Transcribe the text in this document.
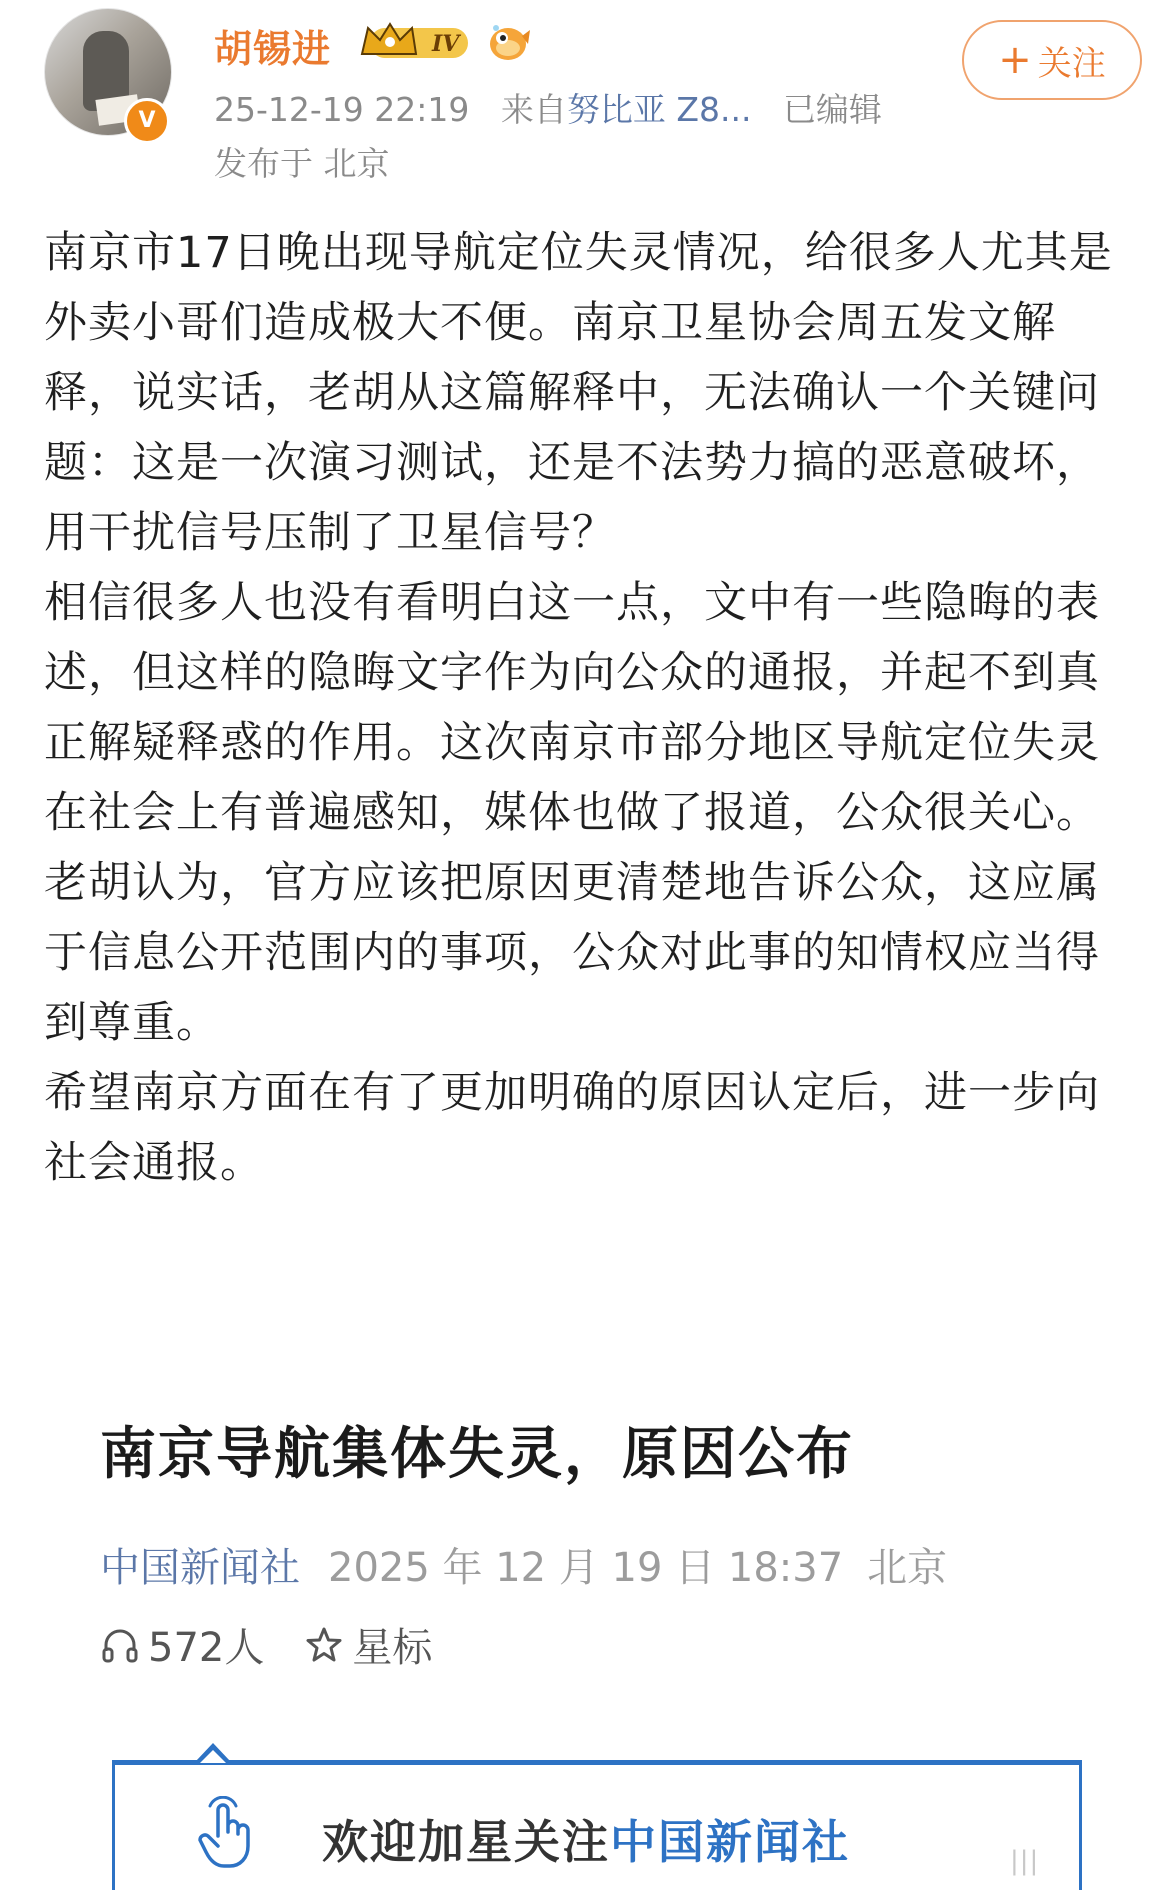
V
胡锡进	IV
25-12-19 22:19 来自努比亚 Z8... 已编辑
发布于 北京
+ 关注

南京市17日晚出现导航定位失灵情况，给很多人尤其是外卖小哥们造成极大不便。南京卫星协会周五发文解释，说实话，老胡从这篇解释中，无法确认一个关键问题：这是一次演习测试，还是不法势力搞的恶意破坏，用干扰信号压制了卫星信号？

相信很多人也没有看明白这一点，文中有一些隐晦的表述，但这样的隐晦文字作为向公众的通报，并起不到真正解疑释惑的作用。这次南京市部分地区导航定位失灵在社会上有普遍感知，媒体也做了报道，公众很关心。老胡认为，官方应该把原因更清楚地告诉公众，这应属于信息公开范围内的事项，公众对此事的知情权应当得到尊重。

希望南京方面在有了更加明确的原因认定后，进一步向社会通报。

南京导航集体失灵，原因公布
中国新闻社 2025 年 12 月 19 日 18:37 北京
572人 星标
欢迎加星关注中国新闻社	|||
